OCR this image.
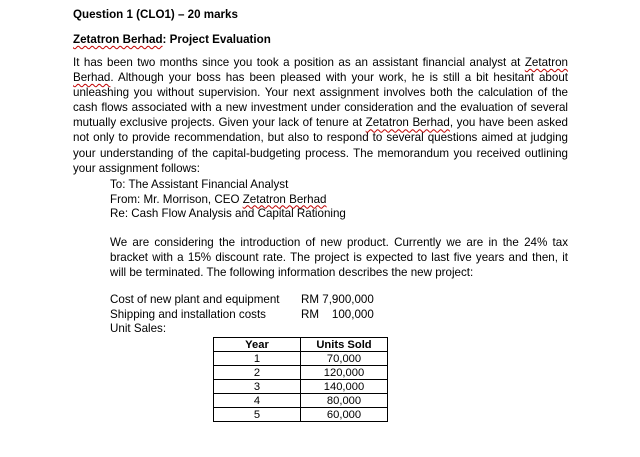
Question 1 (CLO1) – 20 marks
Zetatron Berhad: Project Evaluation

It has been two months since you took a position as an assistant financial analyst at Zetatron Berhad. Although your boss has been pleased with your work, he is still a bit hesitant about unleashing you without supervision. Your next assignment involves both the calculation of the cash flows associated with a new investment under consideration and the evaluation of several mutually exclusive projects. Given your lack of tenure at Zetatron Berhad, you have been asked not only to provide recommendation, but also to respond to several questions aimed at judging your understanding of the capital-budgeting process. The memorandum you received outlining your assignment follows:

To: The Assistant Financial Analyst
From: Mr. Morrison, CEO Zetatron Berhad
Re: Cash Flow Analysis and Capital Rationing

We are considering the introduction of new product. Currently we are in the 24% tax bracket with a 15% discount rate. The project is expected to last five years and then, it will be terminated. The following information describes the new project:

Cost of new plant and equipment RM 7,900,000
Shipping and installation costs	RM    100,000
Unit Sales:
Year	Units Sold
1	70,000
2	120,000
3	140,000
4	80,000
5	60,000
